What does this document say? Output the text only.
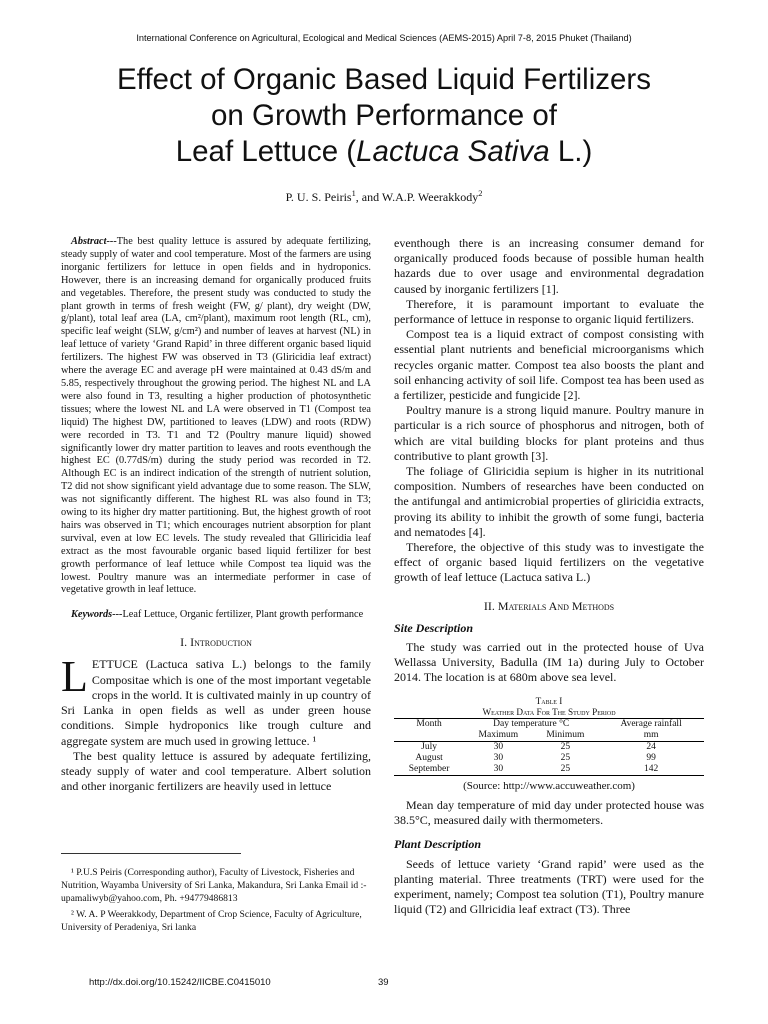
International Conference on Agricultural, Ecological and Medical Sciences (AEMS-2015) April 7-8, 2015 Phuket (Thailand)
Effect of Organic Based Liquid Fertilizers
on Growth Performance of
Leaf Lettuce (Lactuca Sativa L.)
P. U. S. Peiris$^1$, and W.A.P. Weerakkody$^2$

Abstract---The best quality lettuce is assured by adequate fertilizing, steady supply of water and cool temperature. Most of the farmers are using inorganic fertilizers for lettuce in open fields and in hydroponics. However, there is an increasing demand for organically produced fruits and vegetables. Therefore, the present study was conducted to study the plant growth in terms of fresh weight (FW, g/ plant), dry weight (DW, g/plant), total leaf area (LA, cm²/plant), maximum root length (RL, cm), specific leaf weight (SLW, g/cm²) and number of leaves at harvest (NL) in leaf lettuce of variety ‘Grand Rapid’ in three different organic based liquid fertilizers. The highest FW was observed in T3 (Gliricidia leaf extract) where the average EC and average pH were maintained at 0.43 dS/m and 5.85, respectively throughout the growing period. The highest NL and LA were also found in T3, resulting a higher production of photosynthetic tissues; where the lowest NL and LA were observed in T1 (Compost tea liquid) The highest DW, partitioned to leaves (LDW) and roots (RDW) were recorded in T3. T1 and T2 (Poultry manure liquid) showed significantly lower dry matter partition to leaves and roots eventhough the highest EC (0.77dS/m) during the study period was recorded in T2. Although EC is an indirect indication of the strength of nutrient solution, T2 did not show significant yield advantage due to some reason. The SLW, was not significantly different. The highest RL was also found in T3; owing to its higher dry matter partitioning. But, the highest growth of root hairs was observed in T1; which encourages nutrient absorption for plant survival, even at low EC levels. The study revealed that Glliricidia leaf extract as the most favourable organic based liquid fertilizer for best growth performance of leaf lettuce while Compost tea liquid was the lowest. Poultry manure was an intermediate performer in case of vegetative growth in leaf lettuce.

Keywords---Leaf Lettuce, Organic fertilizer, Plant growth performance

I. Introduction

LETTUCE (Lactuca sativa L.) belongs to the family Compositae which is one of the most important vegetable crops in the world. It is cultivated mainly in up country of Sri Lanka in open fields as well as under green house conditions. Simple hydroponics like trough culture and aggregate system are much used in growing lettuce. ¹

The best quality lettuce is assured by adequate fertilizing, steady supply of water and cool temperature. Albert solution and other inorganic fertilizers are heavily used in lettuce

¹ P.U.S Peiris (Corresponding author), Faculty of Livestock, Fisheries and Nutrition, Wayamba University of Sri Lanka, Makandura, Sri Lanka Email id :- upamaliwyb@yahoo.com, Ph. +94779486813

² W. A. P Weerakkody, Department of Crop Science, Faculty of Agriculture, University of Peradeniya, Sri lanka

eventhough there is an increasing consumer demand for organically produced foods because of possible human health hazards due to over usage and environmental degradation caused by inorganic fertilizers [1].

Therefore, it is paramount important to evaluate the performance of lettuce in response to organic liquid fertilizers.

Compost tea is a liquid extract of compost consisting with essential plant nutrients and beneficial microorganisms which recycles organic matter. Compost tea also boosts the plant and soil enhancing activity of soil life. Compost tea has been used as a fertilizer, pesticide and fungicide [2].

Poultry manure is a strong liquid manure. Poultry manure in particular is a rich source of phosphorus and nitrogen, both of which are vital building blocks for plant proteins and thus contributive to plant growth [3].

The foliage of Gliricidia sepium is higher in its nutritional composition. Numbers of researches have been conducted on the antifungal and antimicrobial properties of gliricidia extracts, proving its ability to inhibit the growth of some fungi, bacteria and nematodes [4].

Therefore, the objective of this study was to investigate the effect of organic based liquid fertilizers on the vegetative growth of leaf lettuce (Lactuca sativa L.)

II. Materials And Methods
Site Description

The study was carried out in the protected house of Uva Wellassa University, Badulla (IM 1a) during July to October 2014. The location is at 680m above sea level.

Table I
Weather Data For The Study Period
Month	Day temperature °C		Average rainfall
	Maximum	Minimum	mm
July	30	25	24
August	30	25	99
September	30	25	142
(Source: http://www.accuweather.com)

Mean day temperature of mid day under protected house was 38.5°C, measured daily with thermometers.

Plant Description

Seeds of lettuce variety ‘Grand rapid’ were used as the planting material. Three treatments (TRT) were used for the experiment, namely; Compost tea solution (T1), Poultry manure liquid (T2) and Gllricidia leaf extract (T3). Three

http://dx.doi.org/10.15242/IICBE.C0415010	39
